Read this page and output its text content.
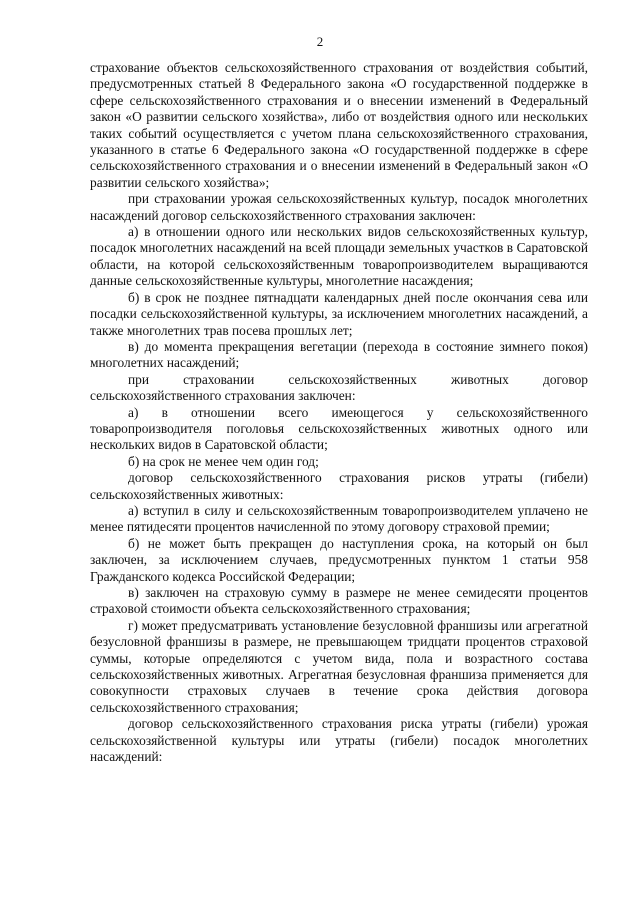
2

страхование объектов сельскохозяйственного страхования от воздействия событий, предусмотренных статьей 8 Федерального закона «О государственной поддержке в сфере сельскохозяйственного страхования и о внесении изменений в Федеральный закон «О развитии сельского хозяйства», либо от воздействия одного или нескольких таких событий осуществляется с учетом плана сельскохозяйственного страхования, указанного в статье 6 Федерального закона «О государственной поддержке в сфере сельскохозяйственного страхования и о внесении изменений в Федеральный закон «О развитии сельского хозяйства»;

при страховании урожая сельскохозяйственных культур, посадок многолетних насаждений договор сельскохозяйственного страхования заключен:

а) в отношении одного или нескольких видов сельскохозяйственных культур, посадок многолетних насаждений на всей площади земельных участков в Саратовской области, на которой сельскохозяйственным товаропроизводителем выращиваются данные сельскохозяйственные культуры, многолетние насаждения;

б) в срок не позднее пятнадцати календарных дней после окончания сева или посадки сельскохозяйственной культуры, за исключением многолетних насаждений, а также многолетних трав посева прошлых лет;

в) до момента прекращения вегетации (перехода в состояние зимнего покоя) многолетних насаждений;

при страховании сельскохозяйственных животных договор сельскохозяйственного страхования заключен:

а) в отношении всего имеющегося у сельскохозяйственного товаропроизводителя поголовья сельскохозяйственных животных одного или нескольких видов в Саратовской области;

б) на срок не менее чем один год;

договор сельскохозяйственного страхования рисков утраты (гибели) сельскохозяйственных животных:

а) вступил в силу и сельскохозяйственным товаропроизводителем уплачено не менее пятидесяти процентов начисленной по этому договору страховой премии;

б) не может быть прекращен до наступления срока, на который он был заключен, за исключением случаев, предусмотренных пунктом 1 статьи 958 Гражданского кодекса Российской Федерации;

в) заключен на страховую сумму в размере не менее семидесяти процентов страховой стоимости объекта сельскохозяйственного страхования;

г) может предусматривать установление безусловной франшизы или агрегатной безусловной франшизы в размере, не превышающем тридцати процентов страховой суммы, которые определяются с учетом вида, пола и возрастного состава сельскохозяйственных животных. Агрегатная безусловная франшиза применяется для совокупности страховых случаев в течение срока действия договора сельскохозяйственного страхования;

договор сельскохозяйственного страхования риска утраты (гибели) урожая сельскохозяйственной культуры или утраты (гибели) посадок многолетних насаждений:
